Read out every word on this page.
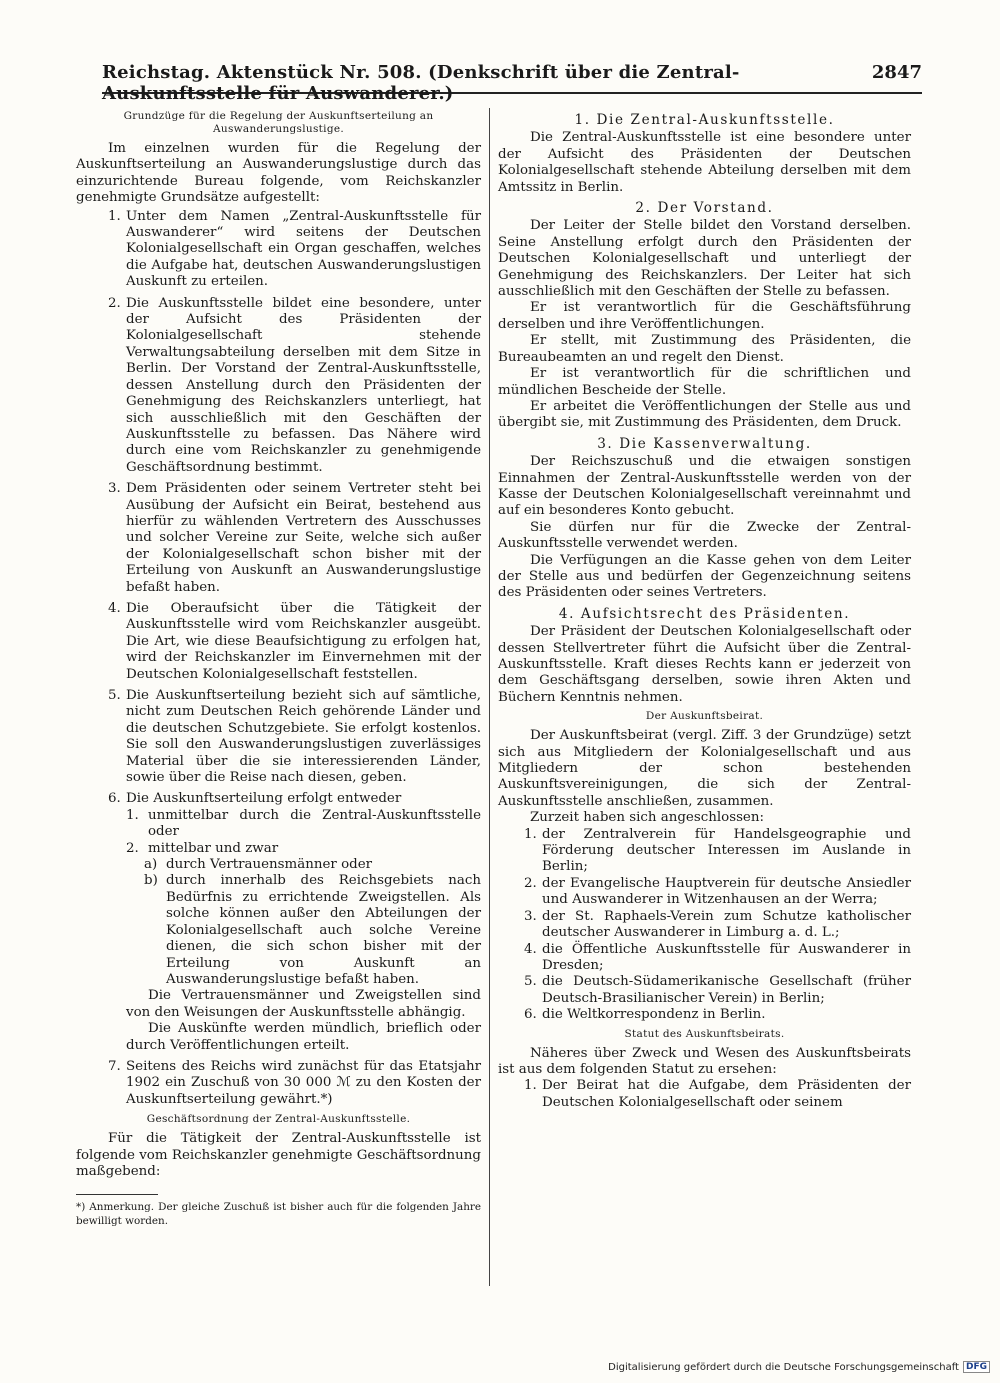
Reichstag. Aktenstück Nr. 508. (Denkschrift über die Zentral-Auskunftsstelle für Auswanderer.)
2847
Grundzüge für die Regelung der Auskunftserteilung an Auswanderungslustige.

Im einzelnen wurden für die Regelung der Auskunftserteilung an Auswanderungslustige durch das einzurichtende Bureau folgende, vom Reichskanzler genehmigte Grundsätze aufgestellt:

1. Unter dem Namen „Zentral-Auskunftsstelle für Auswanderer“ wird seitens der Deutschen Kolonialgesellschaft ein Organ geschaffen, welches die Aufgabe hat, deutschen Auswanderungslustigen Auskunft zu erteilen.
2. Die Auskunftsstelle bildet eine besondere, unter der Aufsicht des Präsidenten der Kolonialgesellschaft stehende Verwaltungsabteilung derselben mit dem Sitze in Berlin. Der Vorstand der Zentral-Auskunftsstelle, dessen Anstellung durch den Präsidenten der Genehmigung des Reichskanzlers unterliegt, hat sich ausschließlich mit den Geschäften der Auskunftsstelle zu befassen. Das Nähere wird durch eine vom Reichskanzler zu genehmigende Geschäftsordnung bestimmt.
3. Dem Präsidenten oder seinem Vertreter steht bei Ausübung der Aufsicht ein Beirat, bestehend aus hierfür zu wählenden Vertretern des Ausschusses und solcher Vereine zur Seite, welche sich außer der Kolonialgesellschaft schon bisher mit der Erteilung von Auskunft an Auswanderungslustige befaßt haben.
4. Die Oberaufsicht über die Tätigkeit der Auskunftsstelle wird vom Reichskanzler ausgeübt. Die Art, wie diese Beaufsichtigung zu erfolgen hat, wird der Reichskanzler im Einvernehmen mit der Deutschen Kolonialgesellschaft feststellen.
5. Die Auskunftserteilung bezieht sich auf sämtliche, nicht zum Deutschen Reich gehörende Länder und die deutschen Schutzgebiete. Sie erfolgt kostenlos. Sie soll den Auswanderungslustigen zuverlässiges Material über die sie interessierenden Länder, sowie über die Reise nach diesen, geben.
6. Die Auskunftserteilung erfolgt entweder
1. unmittelbar durch die Zentral-Auskunftsstelle oder
2. mittelbar und zwar
a) durch Vertrauensmänner oder
b) durch innerhalb des Reichsgebiets nach Bedürfnis zu errichtende Zweigstellen. Als solche können außer den Abteilungen der Kolonialgesellschaft auch solche Vereine dienen, die sich schon bisher mit der Erteilung von Auskunft an Auswanderungslustige befaßt haben.

Die Vertrauensmänner und Zweigstellen sind von den Weisungen der Auskunftsstelle abhängig.

Die Auskünfte werden mündlich, brieflich oder durch Veröffentlichungen erteilt.

7. Seitens des Reichs wird zunächst für das Etatsjahr 1902 ein Zuschuß von 30 000 ℳ zu den Kosten der Auskunftserteilung gewährt.*)
Geschäftsordnung der Zentral-Auskunftsstelle.

Für die Tätigkeit der Zentral-Auskunftsstelle ist folgende vom Reichskanzler genehmigte Geschäftsordnung maßgebend:

*) Anmerkung. Der gleiche Zuschuß ist bisher auch für die folgenden Jahre bewilligt worden.

1. Die Zentral-Auskunftsstelle.

Die Zentral-Auskunftsstelle ist eine besondere unter der Aufsicht des Präsidenten der Deutschen Kolonialgesellschaft stehende Abteilung derselben mit dem Amtssitz in Berlin.

2. Der Vorstand.

Der Leiter der Stelle bildet den Vorstand derselben. Seine Anstellung erfolgt durch den Präsidenten der Deutschen Kolonialgesellschaft und unterliegt der Genehmigung des Reichskanzlers. Der Leiter hat sich ausschließlich mit den Geschäften der Stelle zu befassen.

Er ist verantwortlich für die Geschäftsführung derselben und ihre Veröffentlichungen.

Er stellt, mit Zustimmung des Präsidenten, die Bureaubeamten an und regelt den Dienst.

Er ist verantwortlich für die schriftlichen und mündlichen Bescheide der Stelle.

Er arbeitet die Veröffentlichungen der Stelle aus und übergibt sie, mit Zustimmung des Präsidenten, dem Druck.

3. Die Kassenverwaltung.

Der Reichszuschuß und die etwaigen sonstigen Einnahmen der Zentral-Auskunftsstelle werden von der Kasse der Deutschen Kolonialgesellschaft vereinnahmt und auf ein besonderes Konto gebucht.

Sie dürfen nur für die Zwecke der Zentral-Auskunftsstelle verwendet werden.

Die Verfügungen an die Kasse gehen von dem Leiter der Stelle aus und bedürfen der Gegenzeichnung seitens des Präsidenten oder seines Vertreters.

4. Aufsichtsrecht des Präsidenten.

Der Präsident der Deutschen Kolonialgesellschaft oder dessen Stellvertreter führt die Aufsicht über die Zentral-Auskunftsstelle. Kraft dieses Rechts kann er jederzeit von dem Geschäftsgang derselben, sowie ihren Akten und Büchern Kenntnis nehmen.

Der Auskunftsbeirat.

Der Auskunftsbeirat (vergl. Ziff. 3 der Grundzüge) setzt sich aus Mitgliedern der Kolonialgesellschaft und aus Mitgliedern der schon bestehenden Auskunftsvereinigungen, die sich der Zentral-Auskunftsstelle anschließen, zusammen.

Zurzeit haben sich angeschlossen:

1. der Zentralverein für Handelsgeographie und Förderung deutscher Interessen im Auslande in Berlin;
2. der Evangelische Hauptverein für deutsche Ansiedler und Auswanderer in Witzenhausen an der Werra;
3. der St. Raphaels-Verein zum Schutze katholischer deutscher Auswanderer in Limburg a. d. L.;
4. die Öffentliche Auskunftsstelle für Auswanderer in Dresden;
5. die Deutsch-Südamerikanische Gesellschaft (früher Deutsch-Brasilianischer Verein) in Berlin;
6. die Weltkorrespondenz in Berlin.
Statut des Auskunftsbeirats.

Näheres über Zweck und Wesen des Auskunftsbeirats ist aus dem folgenden Statut zu ersehen:

1. Der Beirat hat die Aufgabe, dem Präsidenten der Deutschen Kolonialgesellschaft oder seinem
Digitalisierung gefördert durch die Deutsche Forschungsgemeinschaft DFG
